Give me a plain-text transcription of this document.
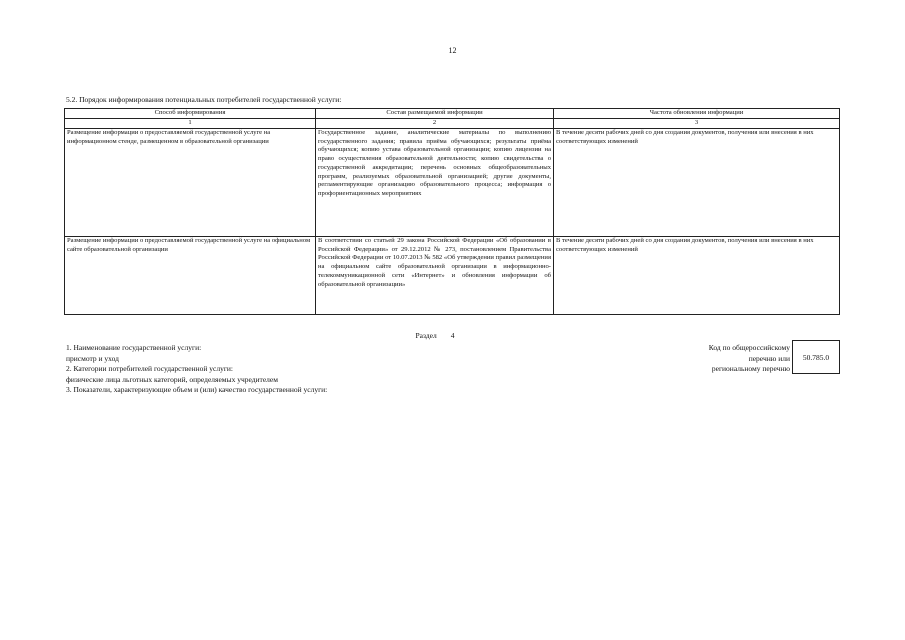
12
5.2. Порядок информирования потенциальных потребителей государственной услуги:
Способ информирования	Состав размещаемой информации	Частота обновления информации
1	2	3
Размещение информации о предоставляемой государственной услуге на информационном стенде, размещенном в образовательной организации	Государственное задание, аналитические материалы по выполнению государственного задания; правила приёма обучающихся; результаты приёма обучающихся; копию устава образовательной организации; копию лицензии на право осуществления образовательной деятельности; копию свидетельства о государственной аккредитации; перечень основных общеобразовательных программ, реализуемых образовательной организацией; другие документы, регламентирующие организацию образовательного процесса; информация о профориентационных мероприятиях	В течение десяти рабочих дней со дня создания документов, получения или внесения в них соответствующих изменений
Размещение информации о предоставляемой государственной услуге на официальном сайте образовательной организации	В соответствии со статьей 29 закона Российской Федерации «Об образовании в Российской Федерации» от 29.12.2012 № 273, постановлением Правительства Российской Федерации от 10.07.2013 № 582 «Об утверждении правил размещения на официальном сайте образовательной организации в информационно-телекоммуникационной сети «Интернет» и обновления информации об образовательной организации»	В течение десяти рабочих дней со дня создания документов, получения или внесения в них соответствующих изменений
Раздел 4
1. Наименование государственной услуги:
присмотр и уход
2. Категории потребителей государственной услуги:
физические лица льготных категорий, определяемых учредителем
3. Показатели, характеризующие объем и (или) качество государственной услуги:
Код по общероссийскому
перечню или
региональному перечню
50.785.0
